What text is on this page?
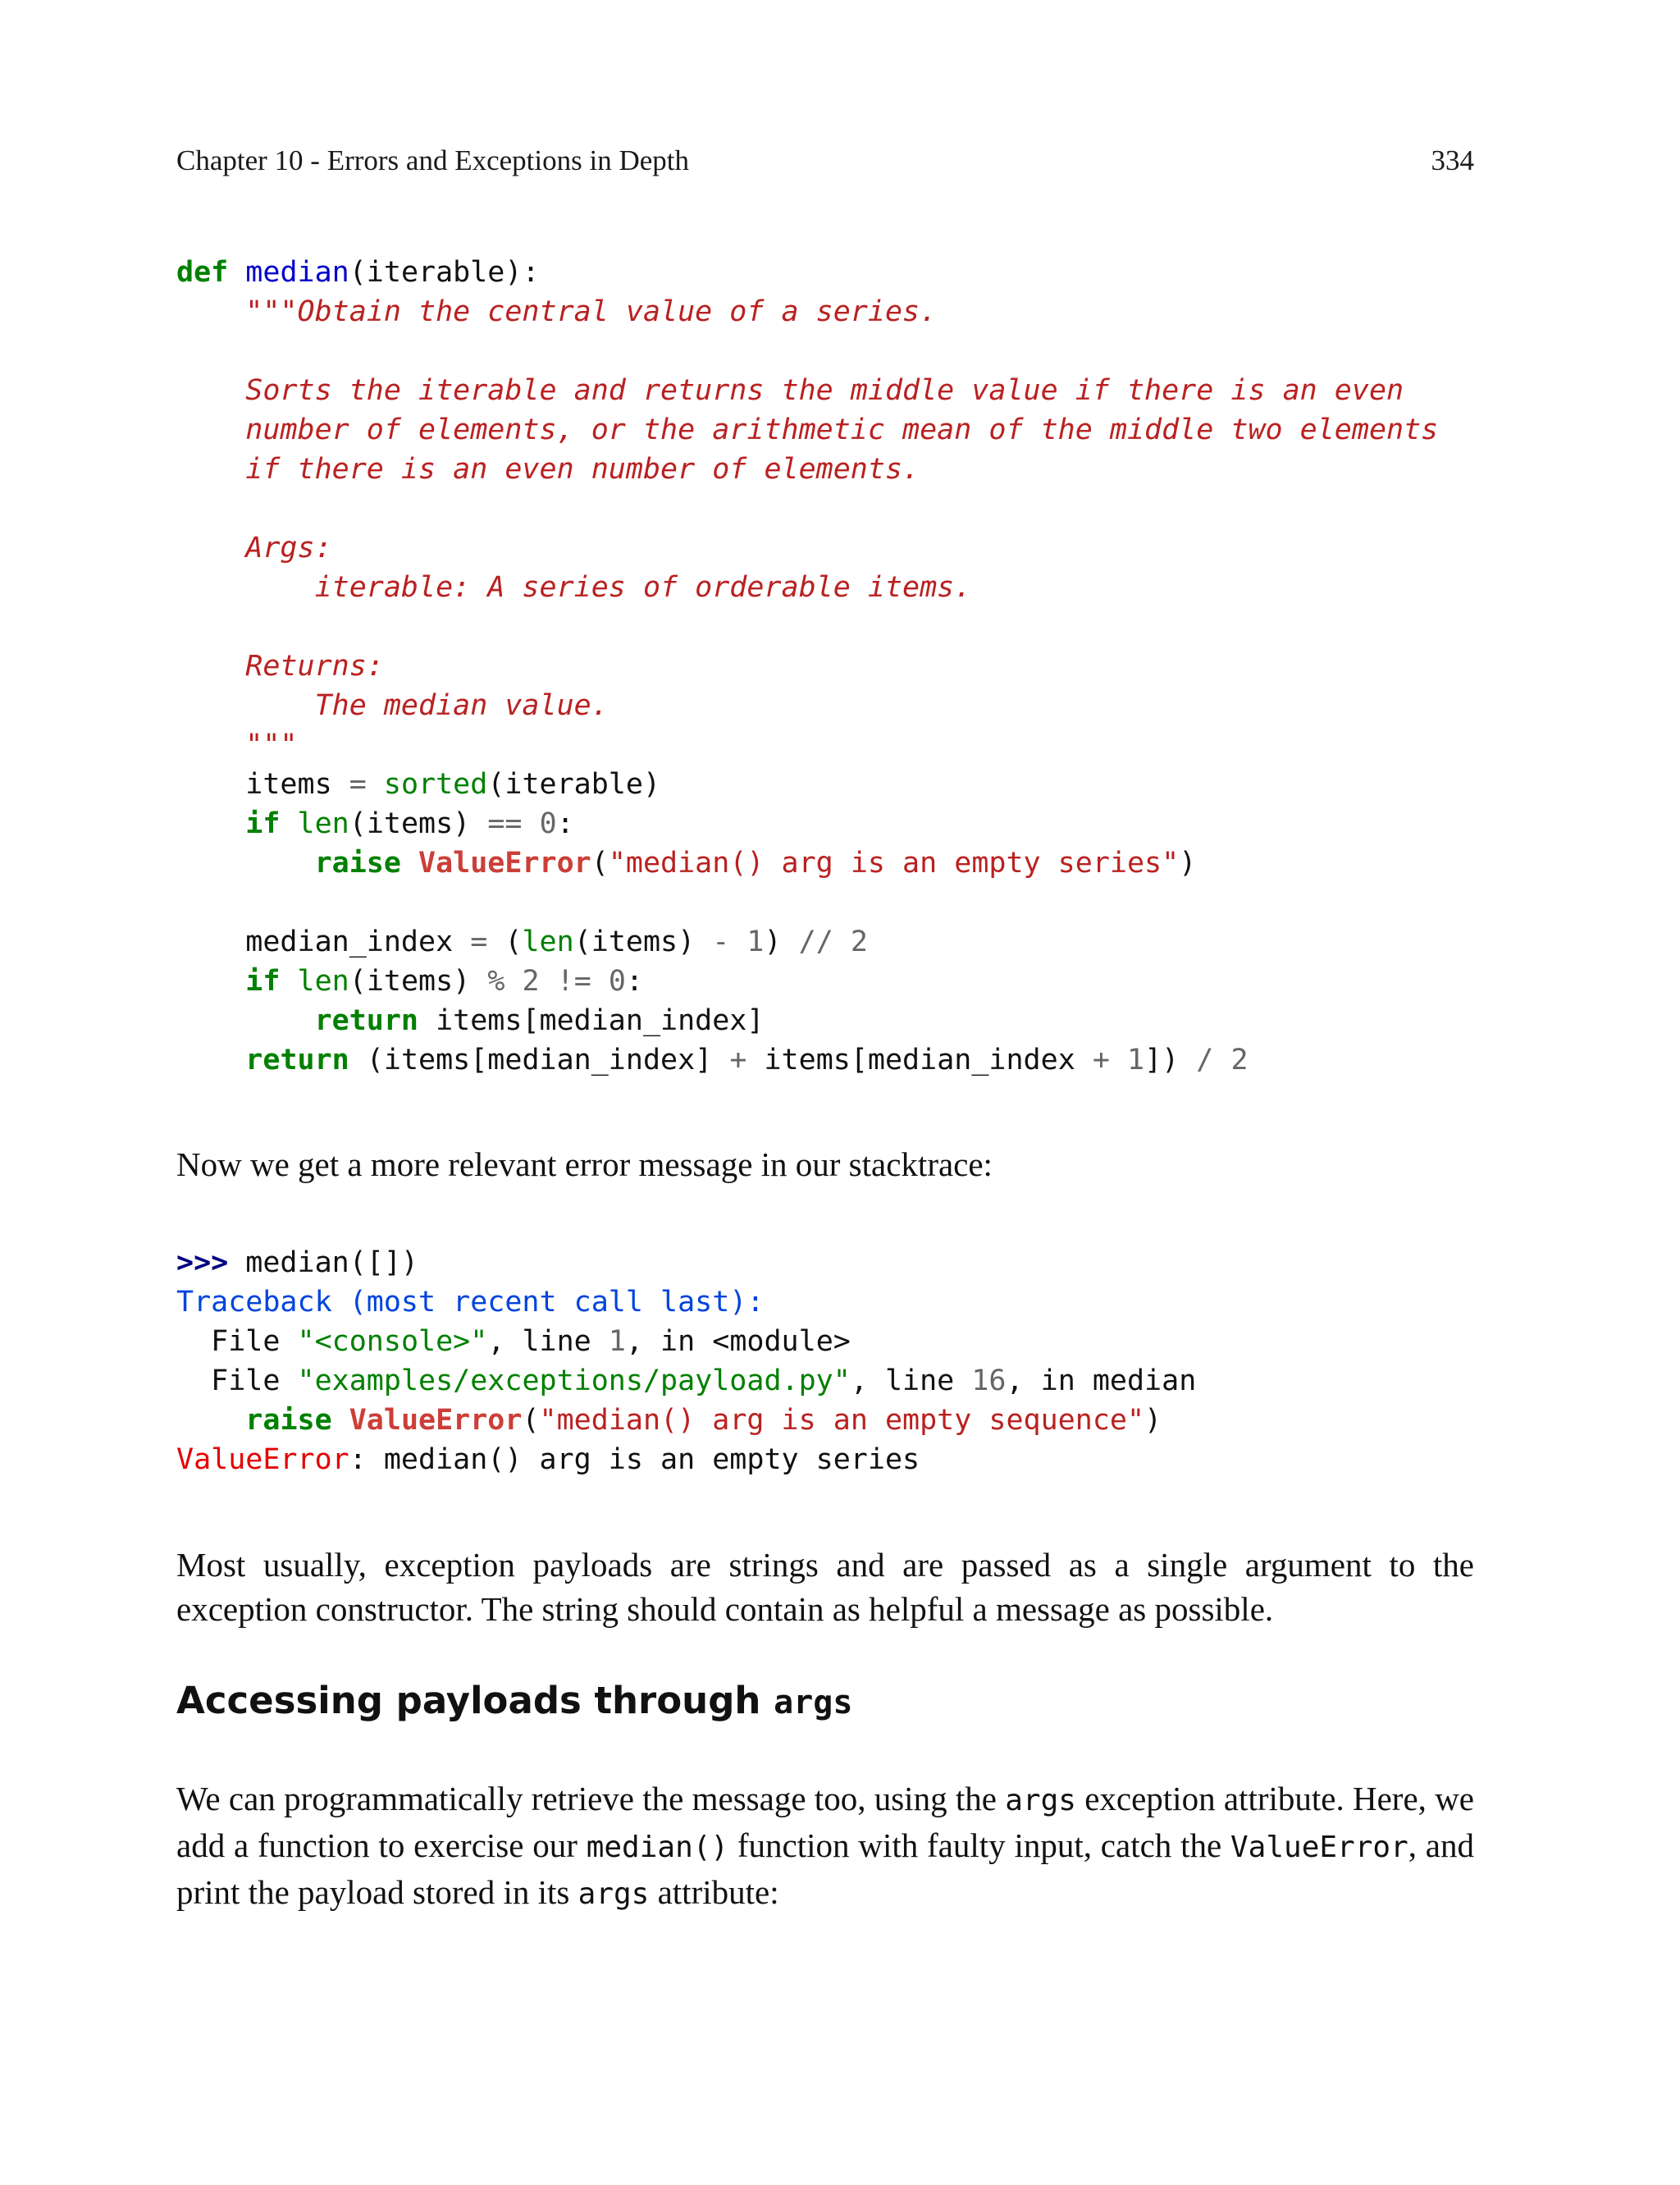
Chapter 10 - Errors and Exceptions in Depth	334
def median(iterable):
"""Obtain the central value of a series.
Sorts the iterable and returns the middle value if there is an even
number of elements, or the arithmetic mean of the middle two elements
if there is an even number of elements.
Args:
iterable: A series of orderable items.
Returns:
The median value.
"""
items = sorted(iterable)
if len(items) == 0:
raise ValueError("median() arg is an empty series")
median_index = (len(items) - 1) // 2
if len(items) % 2 != 0:
return items[median_index]
return (items[median_index] + items[median_index + 1]) / 2

Now we get a more relevant error message in our stacktrace:

>>> median([])
Traceback (most recent call last):
File "<console>", line 1, in <module>
File "examples/exceptions/payload.py", line 16, in median
raise ValueError("median() arg is an empty sequence")
ValueError: median() arg is an empty series

Most usually, exception payloads are strings and are passed as a single argument to the exception constructor. The string should contain as helpful a message as possible.

Accessing payloads through args

We can programmatically retrieve the message too, using the args exception attribute. Here, we add a function to exercise our median() function with faulty input, catch the ValueError, and print the payload stored in its args attribute:
